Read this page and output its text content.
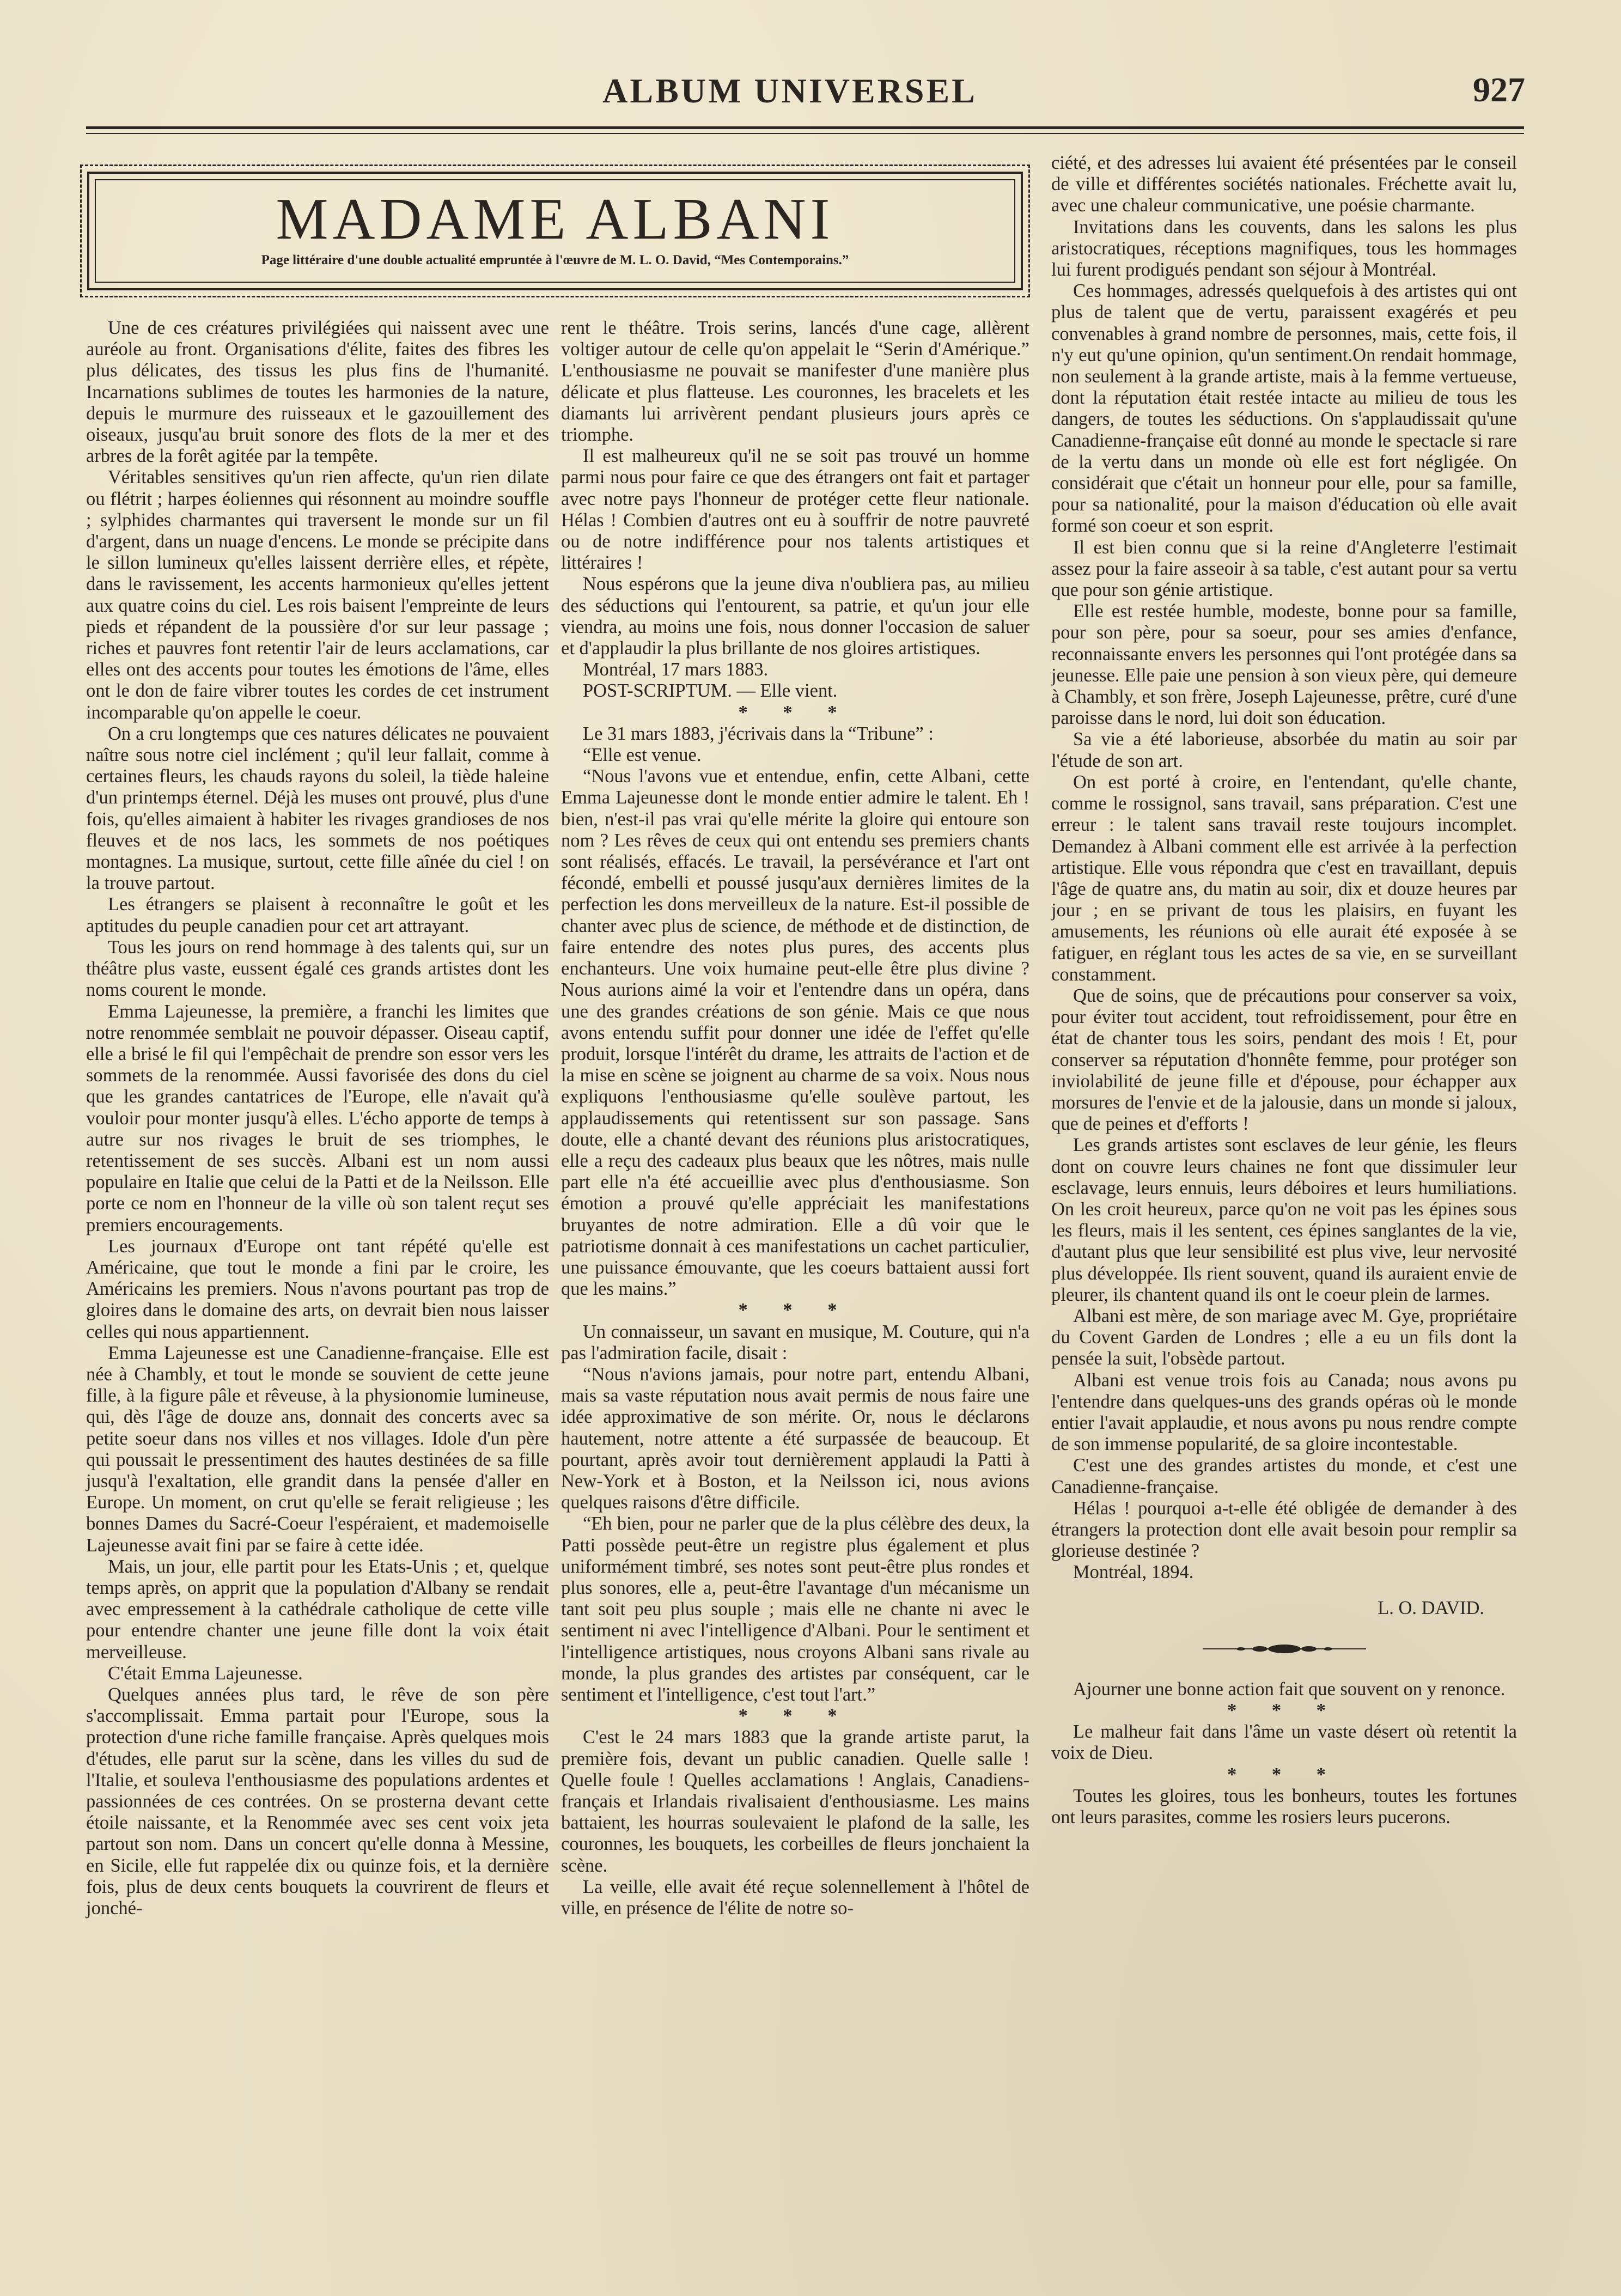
ALBUM UNIVERSEL	927
MADAME ALBANI
Page littéraire d'une double actualité empruntée à l'œuvre de M. L. O. David, “Mes Contemporains.”

Une de ces créatures privilégiées qui naissent avec une auréole au front. Organisations d'élite, faites des fibres les plus délicates, des tissus les plus fins de l'humanité. Incarnations sublimes de toutes les harmonies de la nature, depuis le murmure des ruisseaux et le gazouillement des oiseaux, jusqu'au bruit sonore des flots de la mer et des arbres de la forêt agitée par la tempête.

Véritables sensitives qu'un rien affecte, qu'un rien dilate ou flétrit ; harpes éoliennes qui résonnent au moindre souffle ; sylphides charmantes qui traversent le monde sur un fil d'argent, dans un nuage d'encens. Le monde se précipite dans le sillon lumineux qu'elles laissent derrière elles, et répète, dans le ravissement, les accents harmonieux qu'elles jettent aux quatre coins du ciel. Les rois baisent l'empreinte de leurs pieds et répandent de la poussière d'or sur leur passage ; riches et pauvres font retentir l'air de leurs acclamations, car elles ont des accents pour toutes les émotions de l'âme, elles ont le don de faire vibrer toutes les cordes de cet instrument incomparable qu'on appelle le coeur.

On a cru longtemps que ces natures délicates ne pouvaient naître sous notre ciel inclément ; qu'il leur fallait, comme à certaines fleurs, les chauds rayons du soleil, la tiède haleine d'un printemps éternel. Déjà les muses ont prouvé, plus d'une fois, qu'elles aimaient à habiter les rivages grandioses de nos fleuves et de nos lacs, les sommets de nos poétiques montagnes. La musique, surtout, cette fille aînée du ciel ! on la trouve partout.

Les étrangers se plaisent à reconnaître le goût et les aptitudes du peuple canadien pour cet art attrayant.

Tous les jours on rend hommage à des talents qui, sur un théâtre plus vaste, eussent égalé ces grands artistes dont les noms courent le monde.

Emma Lajeunesse, la première, a franchi les limites que notre renommée semblait ne pouvoir dépasser. Oiseau captif, elle a brisé le fil qui l'empêchait de prendre son essor vers les sommets de la renommée. Aussi favorisée des dons du ciel que les grandes cantatrices de l'Europe, elle n'avait qu'à vouloir pour monter jusqu'à elles. L'écho apporte de temps à autre sur nos rivages le bruit de ses triomphes, le retentissement de ses succès. Albani est un nom aussi populaire en Italie que celui de la Patti et de la Neilsson. Elle porte ce nom en l'honneur de la ville où son talent reçut ses premiers encouragements.

Les journaux d'Europe ont tant répété qu'elle est Américaine, que tout le monde a fini par le croire, les Américains les premiers. Nous n'avons pourtant pas trop de gloires dans le domaine des arts, on devrait bien nous laisser celles qui nous appartiennent.

Emma Lajeunesse est une Canadienne-française. Elle est née à Chambly, et tout le monde se souvient de cette jeune fille, à la figure pâle et rêveuse, à la physionomie lumineuse, qui, dès l'âge de douze ans, donnait des concerts avec sa petite soeur dans nos villes et nos villages. Idole d'un père qui poussait le pressentiment des hautes destinées de sa fille jusqu'à l'exaltation, elle grandit dans la pensée d'aller en Europe. Un moment, on crut qu'elle se ferait religieuse ; les bonnes Dames du Sacré-Coeur l'espéraient, et mademoiselle Lajeunesse avait fini par se faire à cette idée.

Mais, un jour, elle partit pour les Etats-Unis ; et, quelque temps après, on apprit que la population d'Albany se rendait avec empressement à la cathédrale catholique de cette ville pour entendre chanter une jeune fille dont la voix était merveilleuse.

C'était Emma Lajeunesse.

Quelques années plus tard, le rêve de son père s'accomplissait. Emma partait pour l'Europe, sous la protection d'une riche famille française. Après quelques mois d'études, elle parut sur la scène, dans les villes du sud de l'Italie, et souleva l'enthousiasme des populations ardentes et passionnées de ces contrées. On se prosterna devant cette étoile naissante, et la Renommée avec ses cent voix jeta partout son nom. Dans un concert qu'elle donna à Messine, en Sicile, elle fut rappelée dix ou quinze fois, et la dernière fois, plus de deux cents bouquets la couvrirent de fleurs et jonché-

rent le théâtre. Trois serins, lancés d'une cage, allèrent voltiger autour de celle qu'on appelait le “Serin d'Amérique.” L'enthousiasme ne pouvait se manifester d'une manière plus délicate et plus flatteuse. Les couronnes, les bracelets et les diamants lui arrivèrent pendant plusieurs jours après ce triomphe.

Il est malheureux qu'il ne se soit pas trouvé un homme parmi nous pour faire ce que des étrangers ont fait et partager avec notre pays l'honneur de protéger cette fleur nationale. Hélas ! Combien d'autres ont eu à souffrir de notre pauvreté ou de notre indifférence pour nos talents artistiques et littéraires !

Nous espérons que la jeune diva n'oubliera pas, au milieu des séductions qui l'entourent, sa patrie, et qu'un jour elle viendra, au moins une fois, nous donner l'occasion de saluer et d'applaudir la plus brillante de nos gloires artistiques.

Montréal, 17 mars 1883.

POST-SCRIPTUM. — Elle vient.

* * *

Le 31 mars 1883, j'écrivais dans la “Tribune” :

“Elle est venue.

“Nous l'avons vue et entendue, enfin, cette Albani, cette Emma Lajeunesse dont le monde entier admire le talent. Eh ! bien, n'est-il pas vrai qu'elle mérite la gloire qui entoure son nom ? Les rêves de ceux qui ont entendu ses premiers chants sont réalisés, effacés. Le travail, la persévérance et l'art ont fécondé, embelli et poussé jusqu'aux dernières limites de la perfection les dons merveilleux de la nature. Est-il possible de chanter avec plus de science, de méthode et de distinction, de faire entendre des notes plus pures, des accents plus enchanteurs. Une voix humaine peut-elle être plus divine ? Nous aurions aimé la voir et l'entendre dans un opéra, dans une des grandes créations de son génie. Mais ce que nous avons entendu suffit pour donner une idée de l'effet qu'elle produit, lorsque l'intérêt du drame, les attraits de l'action et de la mise en scène se joignent au charme de sa voix. Nous nous expliquons l'enthousiasme qu'elle soulève partout, les applaudissements qui retentissent sur son passage. Sans doute, elle a chanté devant des réunions plus aristocratiques, elle a reçu des cadeaux plus beaux que les nôtres, mais nulle part elle n'a été accueillie avec plus d'enthousiasme. Son émotion a prouvé qu'elle appréciait les manifestations bruyantes de notre admiration. Elle a dû voir que le patriotisme donnait à ces manifestations un cachet particulier, une puissance émouvante, que les coeurs battaient aussi fort que les mains.”

* * *

Un connaisseur, un savant en musique, M. Couture, qui n'a pas l'admiration facile, disait :

“Nous n'avions jamais, pour notre part, entendu Albani, mais sa vaste réputation nous avait permis de nous faire une idée approximative de son mérite. Or, nous le déclarons hautement, notre attente a été surpassée de beaucoup. Et pourtant, après avoir tout dernièrement applaudi la Patti à New-York et à Boston, et la Neilsson ici, nous avions quelques raisons d'être difficile.

“Eh bien, pour ne parler que de la plus célèbre des deux, la Patti possède peut-être un registre plus également et plus uniformément timbré, ses notes sont peut-être plus rondes et plus sonores, elle a, peut-être l'avantage d'un mécanisme un tant soit peu plus souple ; mais elle ne chante ni avec le sentiment ni avec l'intelligence d'Albani. Pour le sentiment et l'intelligence artistiques, nous croyons Albani sans rivale au monde, la plus grandes des artistes par conséquent, car le sentiment et l'intelligence, c'est tout l'art.”

* * *

C'est le 24 mars 1883 que la grande artiste parut, la première fois, devant un public canadien. Quelle salle ! Quelle foule ! Quelles acclamations ! Anglais, Canadiens-français et Irlandais rivalisaient d'enthousiasme. Les mains battaient, les hourras soulevaient le plafond de la salle, les couronnes, les bouquets, les corbeilles de fleurs jonchaient la scène.

La veille, elle avait été reçue solennellement à l'hôtel de ville, en présence de l'élite de notre so-

ciété, et des adresses lui avaient été présentées par le conseil de ville et différentes sociétés nationales. Fréchette avait lu, avec une chaleur communicative, une poésie charmante.

Invitations dans les couvents, dans les salons les plus aristocratiques, réceptions magnifiques, tous les hommages lui furent prodigués pendant son séjour à Montréal.

Ces hommages, adressés quelquefois à des artistes qui ont plus de talent que de vertu, paraissent exagérés et peu convenables à grand nombre de personnes, mais, cette fois, il n'y eut qu'une opinion, qu'un sentiment.On rendait hommage, non seulement à la grande artiste, mais à la femme vertueuse, dont la réputation était restée intacte au milieu de tous les dangers, de toutes les séductions. On s'applaudissait qu'une Canadienne-française eût donné au monde le spectacle si rare de la vertu dans un monde où elle est fort négligée. On considérait que c'était un honneur pour elle, pour sa famille, pour sa nationalité, pour la maison d'éducation où elle avait formé son coeur et son esprit.

Il est bien connu que si la reine d'Angleterre l'estimait assez pour la faire asseoir à sa table, c'est autant pour sa vertu que pour son génie artistique.

Elle est restée humble, modeste, bonne pour sa famille, pour son père, pour sa soeur, pour ses amies d'enfance, reconnaissante envers les personnes qui l'ont protégée dans sa jeunesse. Elle paie une pension à son vieux père, qui demeure à Chambly, et son frère, Joseph Lajeunesse, prêtre, curé d'une paroisse dans le nord, lui doit son éducation.

Sa vie a été laborieuse, absorbée du matin au soir par l'étude de son art.

On est porté à croire, en l'entendant, qu'elle chante, comme le rossignol, sans travail, sans préparation. C'est une erreur : le talent sans travail reste toujours incomplet. Demandez à Albani comment elle est arrivée à la perfection artistique. Elle vous répondra que c'est en travaillant, depuis l'âge de quatre ans, du matin au soir, dix et douze heures par jour ; en se privant de tous les plaisirs, en fuyant les amusements, les réunions où elle aurait été exposée à se fatiguer, en réglant tous les actes de sa vie, en se surveillant constamment.

Que de soins, que de précautions pour conserver sa voix, pour éviter tout accident, tout refroidissement, pour être en état de chanter tous les soirs, pendant des mois ! Et, pour conserver sa réputation d'honnête femme, pour protéger son inviolabilité de jeune fille et d'épouse, pour échapper aux morsures de l'envie et de la jalousie, dans un monde si jaloux, que de peines et d'efforts !

Les grands artistes sont esclaves de leur génie, les fleurs dont on couvre leurs chaines ne font que dissimuler leur esclavage, leurs ennuis, leurs déboires et leurs humiliations. On les croit heureux, parce qu'on ne voit pas les épines sous les fleurs, mais il les sentent, ces épines sanglantes de la vie, d'autant plus que leur sensibilité est plus vive, leur nervosité plus développée. Ils rient souvent, quand ils auraient envie de pleurer, ils chantent quand ils ont le coeur plein de larmes.

Albani est mère, de son mariage avec M. Gye, propriétaire du Covent Garden de Londres ; elle a eu un fils dont la pensée la suit, l'obsède partout.

Albani est venue trois fois au Canada; nous avons pu l'entendre dans quelques-uns des grands opéras où le monde entier l'avait applaudie, et nous avons pu nous rendre compte de son immense popularité, de sa gloire incontestable.

C'est une des grandes artistes du monde, et c'est une Canadienne-française.

Hélas ! pourquoi a-t-elle été obligée de demander à des étrangers la protection dont elle avait besoin pour remplir sa glorieuse destinée ?

Montréal, 1894.

L. O. DAVID.

Ajourner une bonne action fait que souvent on y renonce.

* * *

Le malheur fait dans l'âme un vaste désert où retentit la voix de Dieu.

* * *

Toutes les gloires, tous les bonheurs, toutes les fortunes ont leurs parasites, comme les rosiers leurs pucerons.
